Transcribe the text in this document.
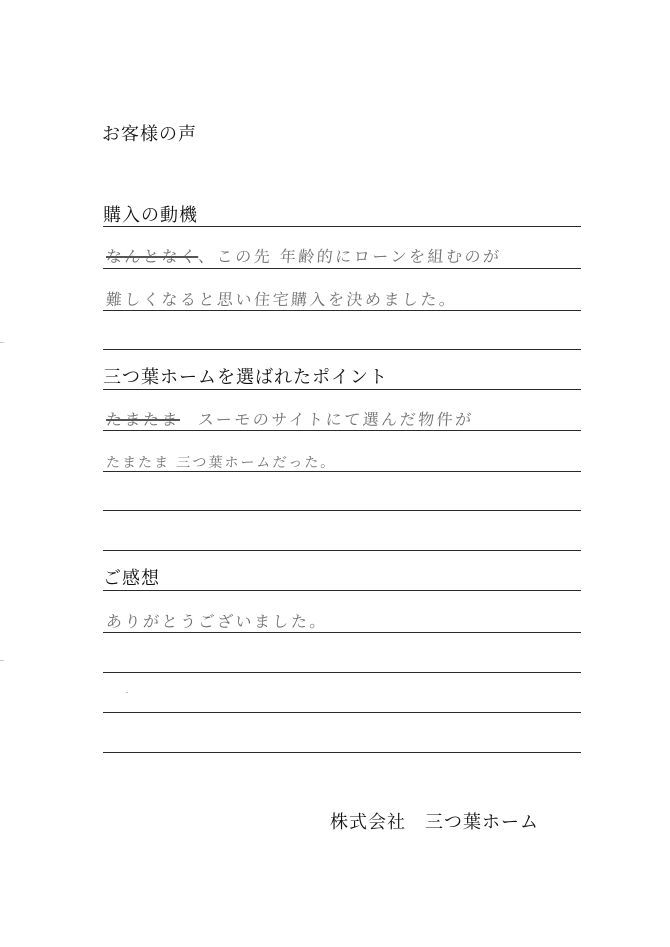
お客様の声
購入の動機
なんとなく、この先 年齢的にローンを組むのが
難しくなると思い住宅購入を決めました。
三つ葉ホームを選ばれたポイント
たまたま スーモのサイトにて選んだ物件が
たまたま 三つ葉ホームだった。
ご感想
ありがとうございました。
株式会社　三つ葉ホーム
